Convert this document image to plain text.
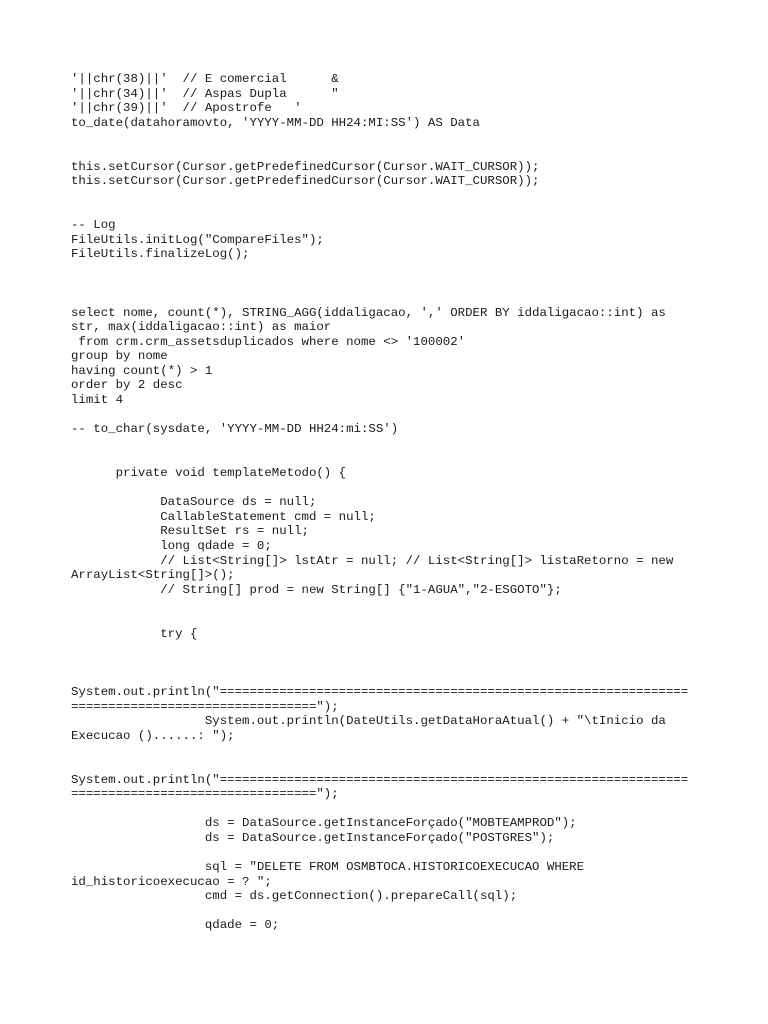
'||chr(38)||'  // E comercial      &
'||chr(34)||'  // Aspas Dupla      "
'||chr(39)||'  // Apostrofe   '
to_date(datahoramovto, 'YYYY-MM-DD HH24:MI:SS') AS Data
this.setCursor(Cursor.getPredefinedCursor(Cursor.WAIT_CURSOR));
this.setCursor(Cursor.getPredefinedCursor(Cursor.WAIT_CURSOR));
-- Log
FileUtils.initLog("CompareFiles");
FileUtils.finalizeLog();
select nome, count(*), STRING_AGG(iddaligacao, ',' ORDER BY iddaligacao::int) as
str, max(iddaligacao::int) as maior
from crm.crm_assetsduplicados where nome <> '100002'
group by nome
having count(*) > 1
order by 2 desc
limit 4
-- to_char(sysdate, 'YYYY-MM-DD HH24:mi:SS')
private void templateMetodo() {
DataSource ds = null;
CallableStatement cmd = null;
ResultSet rs = null;
long qdade = 0;
// List<String[]> lstAtr = null; // List<String[]> listaRetorno = new
ArrayList<String[]>();
// String[] prod = new String[] {"1-AGUA","2-ESGOTO"};
try {
System.out.println("===============================================================
=================================");
System.out.println(DateUtils.getDataHoraAtual() + "\tInicio da
Execucao ()......: ");
System.out.println("===============================================================
=================================");
ds = DataSource.getInstanceForçado("MOBTEAMPROD");
ds = DataSource.getInstanceForçado("POSTGRES");
sql = "DELETE FROM OSMBTOCA.HISTORICOEXECUCAO WHERE
id_historicoexecucao = ? ";
cmd = ds.getConnection().prepareCall(sql);
qdade = 0;
